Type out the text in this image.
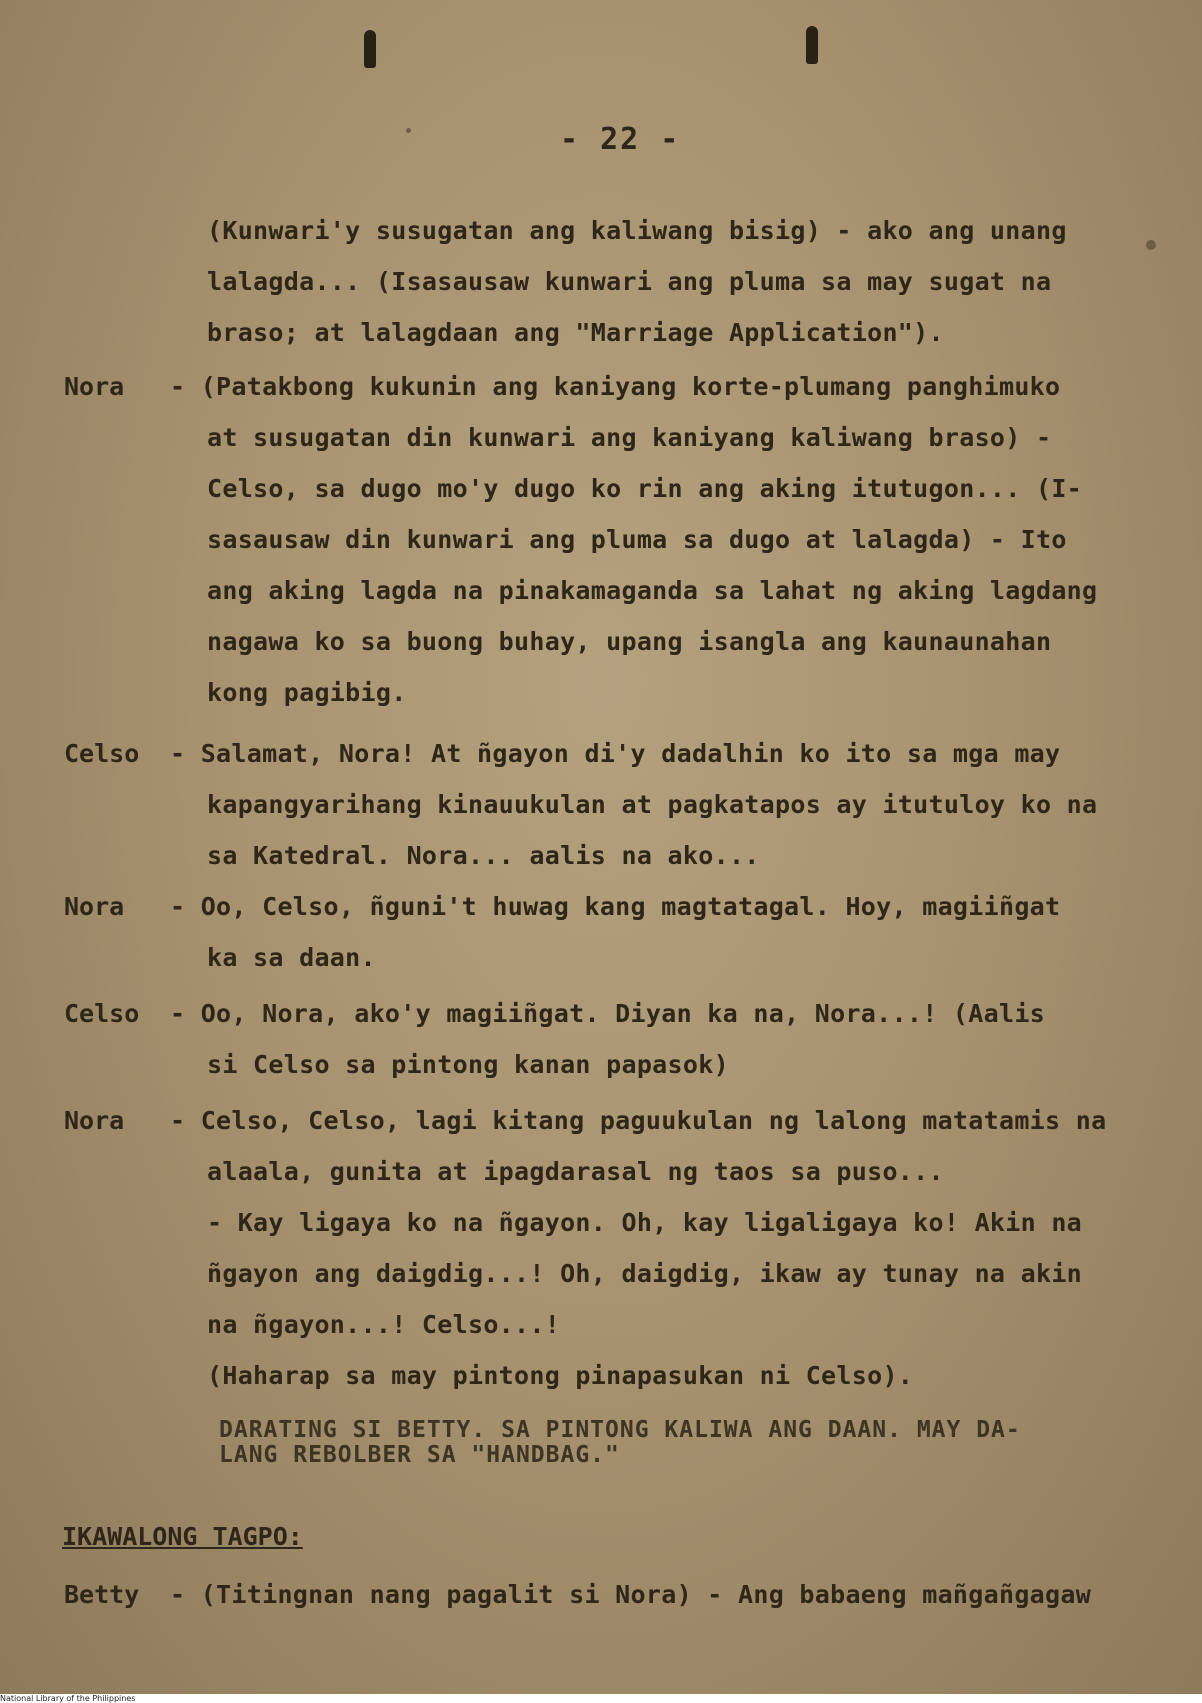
- 22 -
(Kunwari'y susugatan ang kaliwang bisig) - ako ang unang
lalagda... (Isasausaw kunwari ang pluma sa may sugat na
braso; at lalagdaan ang "Marriage Application").
Nora - (Patakbong kukunin ang kaniyang korte-plumang panghimuko
at susugatan din kunwari ang kaniyang kaliwang braso) -
Celso, sa dugo mo'y dugo ko rin ang aking itutugon... (I-
sasausaw din kunwari ang pluma sa dugo at lalagda) - Ito
ang aking lagda na pinakamaganda sa lahat ng aking lagdang
nagawa ko sa buong buhay, upang isangla ang kaunaunahan
kong pagibig.
Celso - Salamat, Nora! At ñgayon di'y dadalhin ko ito sa mga may
kapangyarihang kinauukulan at pagkatapos ay itutuloy ko na
sa Katedral. Nora... aalis na ako...
Nora - Oo, Celso, ñguni't huwag kang magtatagal. Hoy, magiiñgat
ka sa daan.
Celso - Oo, Nora, ako'y magiiñgat. Diyan ka na, Nora...! (Aalis
si Celso sa pintong kanan papasok)
Nora - Celso, Celso, lagi kitang paguukulan ng lalong matatamis na
alaala, gunita at ipagdarasal ng taos sa puso...
- Kay ligaya ko na ñgayon. Oh, kay ligaligaya ko! Akin na
ñgayon ang daigdig...! Oh, daigdig, ikaw ay tunay na akin
na ñgayon...! Celso...!
(Haharap sa may pintong pinapasukan ni Celso).
DARATING SI BETTY. SA PINTONG KALIWA ANG DAAN. MAY DA-
LANG REBOLBER SA "HANDBAG."
IKAWALONG TAGPO:
Betty - (Titingnan nang pagalit si Nora) - Ang babaeng mañgañgagaw
National Library of the Philippines
